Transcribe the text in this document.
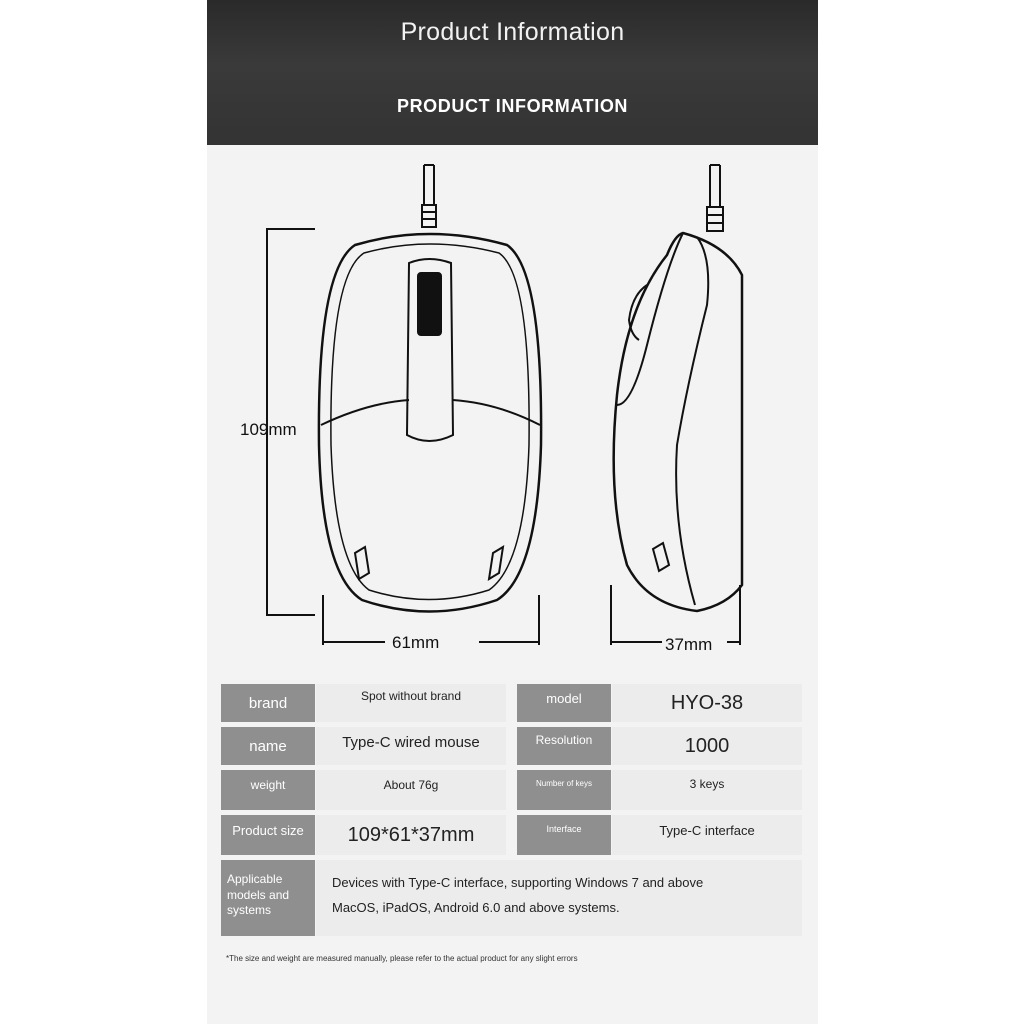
Product Information
PRODUCT INFORMATION
109mm
61mm	37mm
brand	Spot without brand	model	HYO-38
name	Type-C wired mouse	Resolution	1000
weight	About 76g	Number of keys	3 keys
Product size	109*61*37mm	Interface	Type-C interface
Applicable models and systems
Devices with Type-C interface, supporting Windows 7 and above
MacOS, iPadOS, Android 6.0 and above systems.
*The size and weight are measured manually, please refer to the actual product for any slight errors
